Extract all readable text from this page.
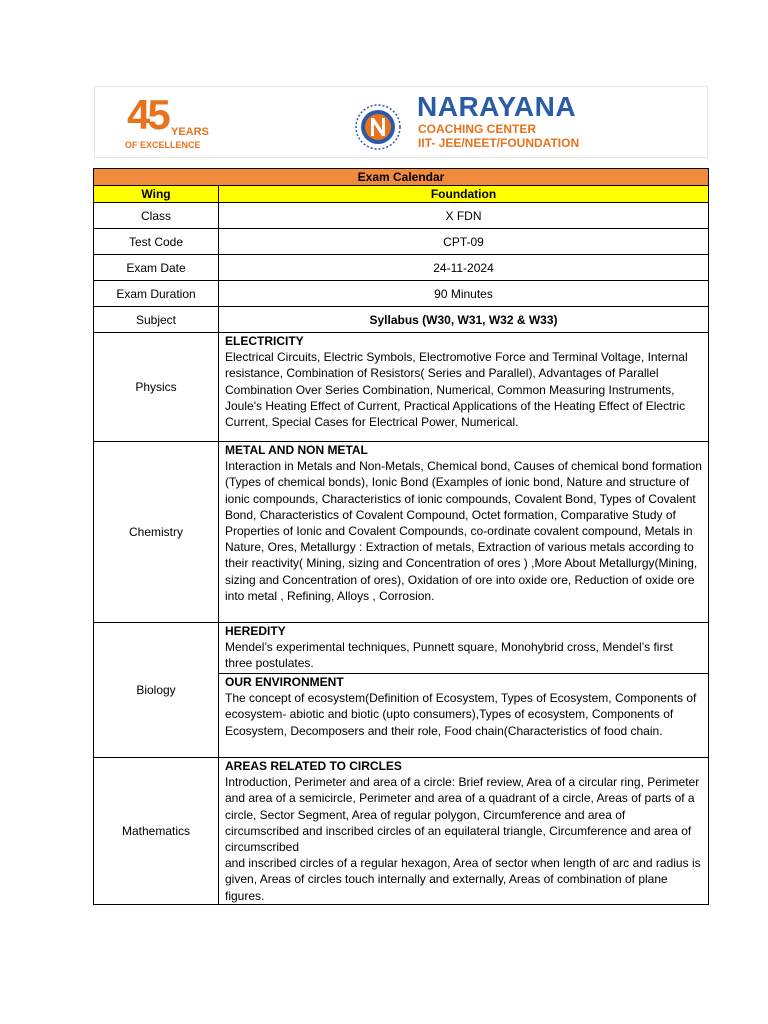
45 YEARS
OF EXCELLENCE
NARAYANA
COACHING CENTER
IIT- JEE/NEET/FOUNDATION
Exam Calendar	
Wing	Foundation
Class	X FDN
Test Code	CPT-09
Exam Date	24-11-2024
Exam Duration	90 Minutes
Subject	Syllabus (W30, W31, W32 & W33)
Physics	ELECTRICITY
Electrical Circuits, Electric Symbols, Electromotive Force and Terminal Voltage, Internal resistance, Combination of Resistors( Series and Parallel), Advantages of Parallel Combination Over Series Combination, Numerical, Common Measuring Instruments, Joule's Heating Effect of Current, Practical Applications of the Heating Effect of Electric Current, Special Cases for Electrical Power, Numerical.

Chemistry	METAL AND NON METAL
Interaction in Metals and Non-Metals, Chemical bond, Causes of chemical bond formation (Types of chemical bonds), Ionic Bond (Examples of ionic bond, Nature and structure of ionic compounds, Characteristics of ionic compounds, Covalent Bond, Types of Covalent Bond, Characteristics of Covalent Compound, Octet formation, Comparative Study of Properties of Ionic and Covalent Compounds, co-ordinate covalent compound, Metals in Nature, Ores, Metallurgy : Extraction of metals, Extraction of various metals according to their reactivity( Mining, sizing and Concentration of ores ) ,More About Metallurgy(Mining, sizing and Concentration of ores), Oxidation of ore into oxide ore, Reduction of oxide ore into metal , Refining, Alloys , Corrosion.

Biology	HEREDITY
Mendel’s experimental techniques, Punnett square, Monohybrid cross, Mendel’s first three postulates.
OUR ENVIRONMENT
The concept of ecosystem(Definition of Ecosystem, Types of Ecosystem, Components of ecosystem- abiotic and biotic (upto consumers),Types of ecosystem, Components of Ecosystem, Decomposers and their role, Food chain(Characteristics of food chain.

Mathematics	AREAS RELATED TO CIRCLES
Introduction, Perimeter and area of a circle: Brief review, Area of a circular ring, Perimeter and area of a semicircle, Perimeter and area of a quadrant of a circle, Areas of parts of a circle, Sector Segment, Area of regular polygon, Circumference and area of circumscribed and inscribed circles of an equilateral triangle, Circumference and area of circumscribed
and inscribed circles of a regular hexagon, Area of sector when length of arc and radius is given, Areas of circles touch internally and externally, Areas of combination of plane figures.
